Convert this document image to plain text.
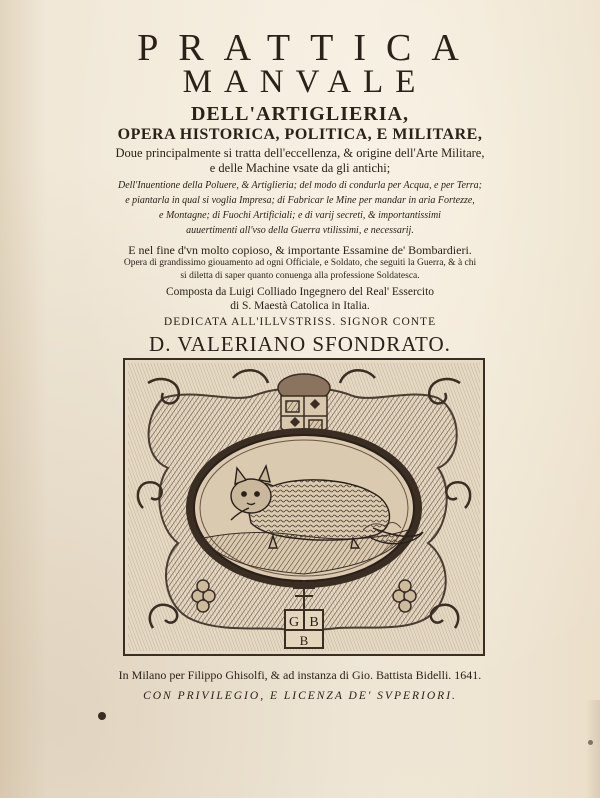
PRATTICA
MANVALE
DELL'ARTIGLIERIA,
OPERA HISTORICA, POLITICA, E MILITARE,
Doue principalmente si tratta dell'eccellenza, & origine dell'Arte Militare,
e delle Machine vsate da gli antichi;
Dell'Inuentione della Poluere, & Artiglieria; del modo di condurla per Acqua, e per Terra;
e piantarla in qual si voglia Impresa; di Fabricar le Mine per mandar in aria Fortezze,
e Montagne; di Fuochi Artificiali; e di varij secreti, & importantissimi
auuertimenti all'vso della Guerra vtilissimi, e necessarij.
E nel fine d'vn molto copioso, & importante Essamine de' Bombardieri.
Opera di grandissimo giouamento ad ogni Officiale, e Soldato, che seguiti la Guerra, & à chi
si diletta di saper quanto conuenga alla professione Soldatesca.
Composta da Luigi Colliado Ingegnero del Real' Essercito
di S. Maestà Catolica in Italia.
DEDICATA ALL'ILLVSTRISS. SIGNOR CONTE
D. VALERIANO SFONDRATO.
G B
B
In Milano per Filippo Ghisolfi, & ad instanza di Gio. Battista Bidelli. 1641.
CON PRIVILEGIO, E LICENZA DE' SVPERIORI.
